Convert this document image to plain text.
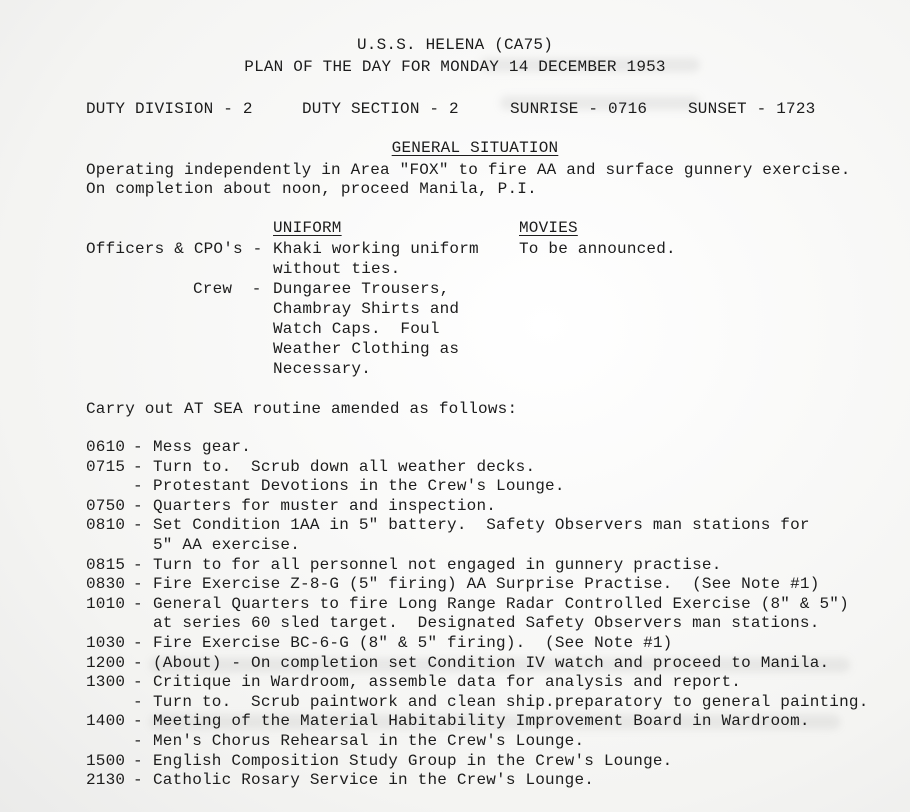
U.S.S. HELENA (CA75)
PLAN OF THE DAY FOR MONDAY 14 DECEMBER 1953
DUTY DIVISION - 2	DUTY SECTION - 2	SUNRISE - 0716	SUNSET - 1723
GENERAL SITUATION
Operating independently in Area "FOX" to fire AA and surface gunnery exercise.
On completion about noon, proceed Manila, P.I.
UNIFORM	MOVIES
Officers & CPO's - Khaki working uniform	To be announced.
without ties.
Crew  - Dungaree Trousers,
Chambray Shirts and
Watch Caps.  Foul
Weather Clothing as
Necessary.
Carry out AT SEA routine amended as follows:
0610 - Mess gear.
0715 - Turn to.  Scrub down all weather decks.
- Protestant Devotions in the Crew's Lounge.
0750 - Quarters for muster and inspection.
0810 - Set Condition 1AA in 5" battery.  Safety Observers man stations for
5" AA exercise.
0815 - Turn to for all personnel not engaged in gunnery practise.
0830 - Fire Exercise Z-8-G (5" firing) AA Surprise Practise.  (See Note #1)
1010 - General Quarters to fire Long Range Radar Controlled Exercise (8" & 5")
at series 60 sled target.  Designated Safety Observers man stations.
1030 - Fire Exercise BC-6-G (8" & 5" firing).  (See Note #1)
1200 - (About) - On completion set Condition IV watch and proceed to Manila.
1300 - Critique in Wardroom, assemble data for analysis and report.
- Turn to.  Scrub paintwork and clean ship.preparatory to general painting.
1400 - Meeting of the Material Habitability Improvement Board in Wardroom.
- Men's Chorus Rehearsal in the Crew's Lounge.
1500 - English Composition Study Group in the Crew's Lounge.
2130 - Catholic Rosary Service in the Crew's Lounge.
